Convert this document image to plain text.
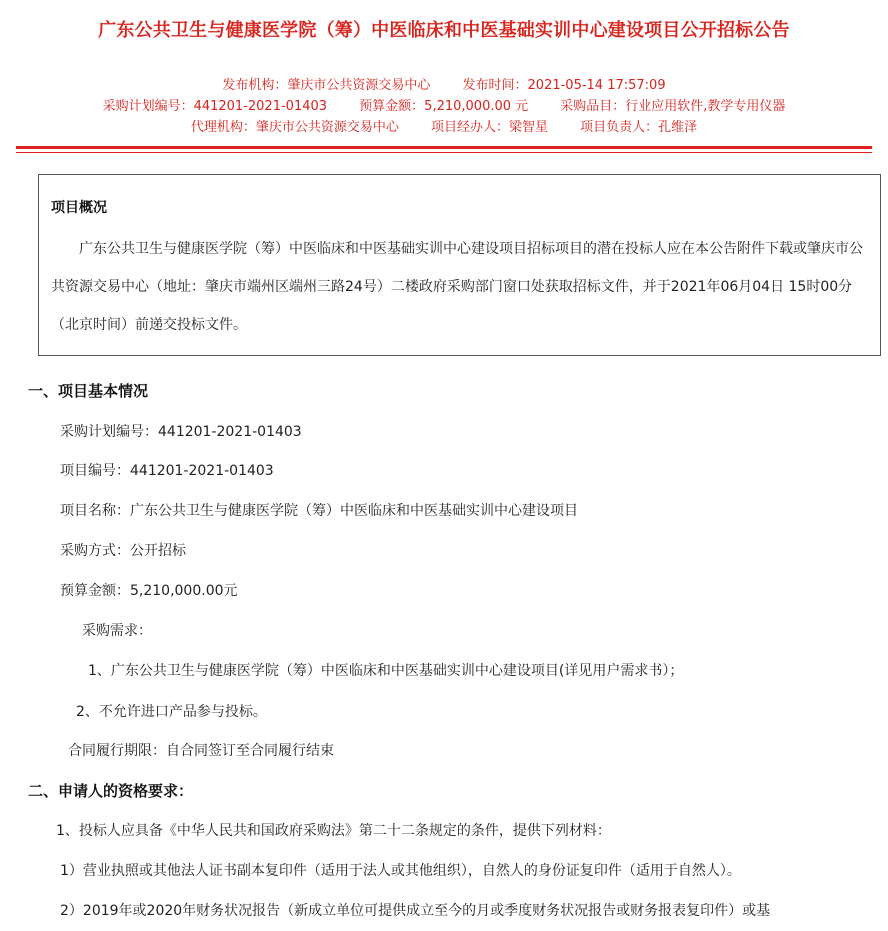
广东公共卫生与健康医学院（筹）中医临床和中医基础实训中心建设项目公开招标公告
发布机构：肇庆市公共资源交易中心 发布时间：2021-05-14 17:57:09
采购计划编号：441201-2021-01403 预算金额：5,210,000.00 元 采购品目：行业应用软件,教学专用仪器
代理机构：肇庆市公共资源交易中心 项目经办人：梁智星 项目负责人：孔维泽
项目概况

广东公共卫生与健康医学院（筹）中医临床和中医基础实训中心建设项目招标项目的潜在投标人应在本公告附件下载或肇庆市公共资源交易中心（地址：肇庆市端州区端州三路24号）二楼政府采购部门窗口处获取招标文件，并于2021年06月04日 15时00分（北京时间）前递交投标文件。

一、项目基本情况
采购计划编号：441201-2021-01403
项目编号：441201-2021-01403
项目名称：广东公共卫生与健康医学院（筹）中医临床和中医基础实训中心建设项目
采购方式：公开招标
预算金额：5,210,000.00元
采购需求：
1、广东公共卫生与健康医学院（筹）中医临床和中医基础实训中心建设项目(详见用户需求书）；
2、不允许进口产品参与投标。
合同履行期限：自合同签订至合同履行结束
二、申请人的资格要求：
1、投标人应具备《中华人民共和国政府采购法》第二十二条规定的条件，提供下列材料：
1）营业执照或其他法人证书副本复印件（适用于法人或其他组织），自然人的身份证复印件（适用于自然人）。
2）2019年或2020年财务状况报告（新成立单位可提供成立至今的月或季度财务状况报告或财务报表复印件）或基
